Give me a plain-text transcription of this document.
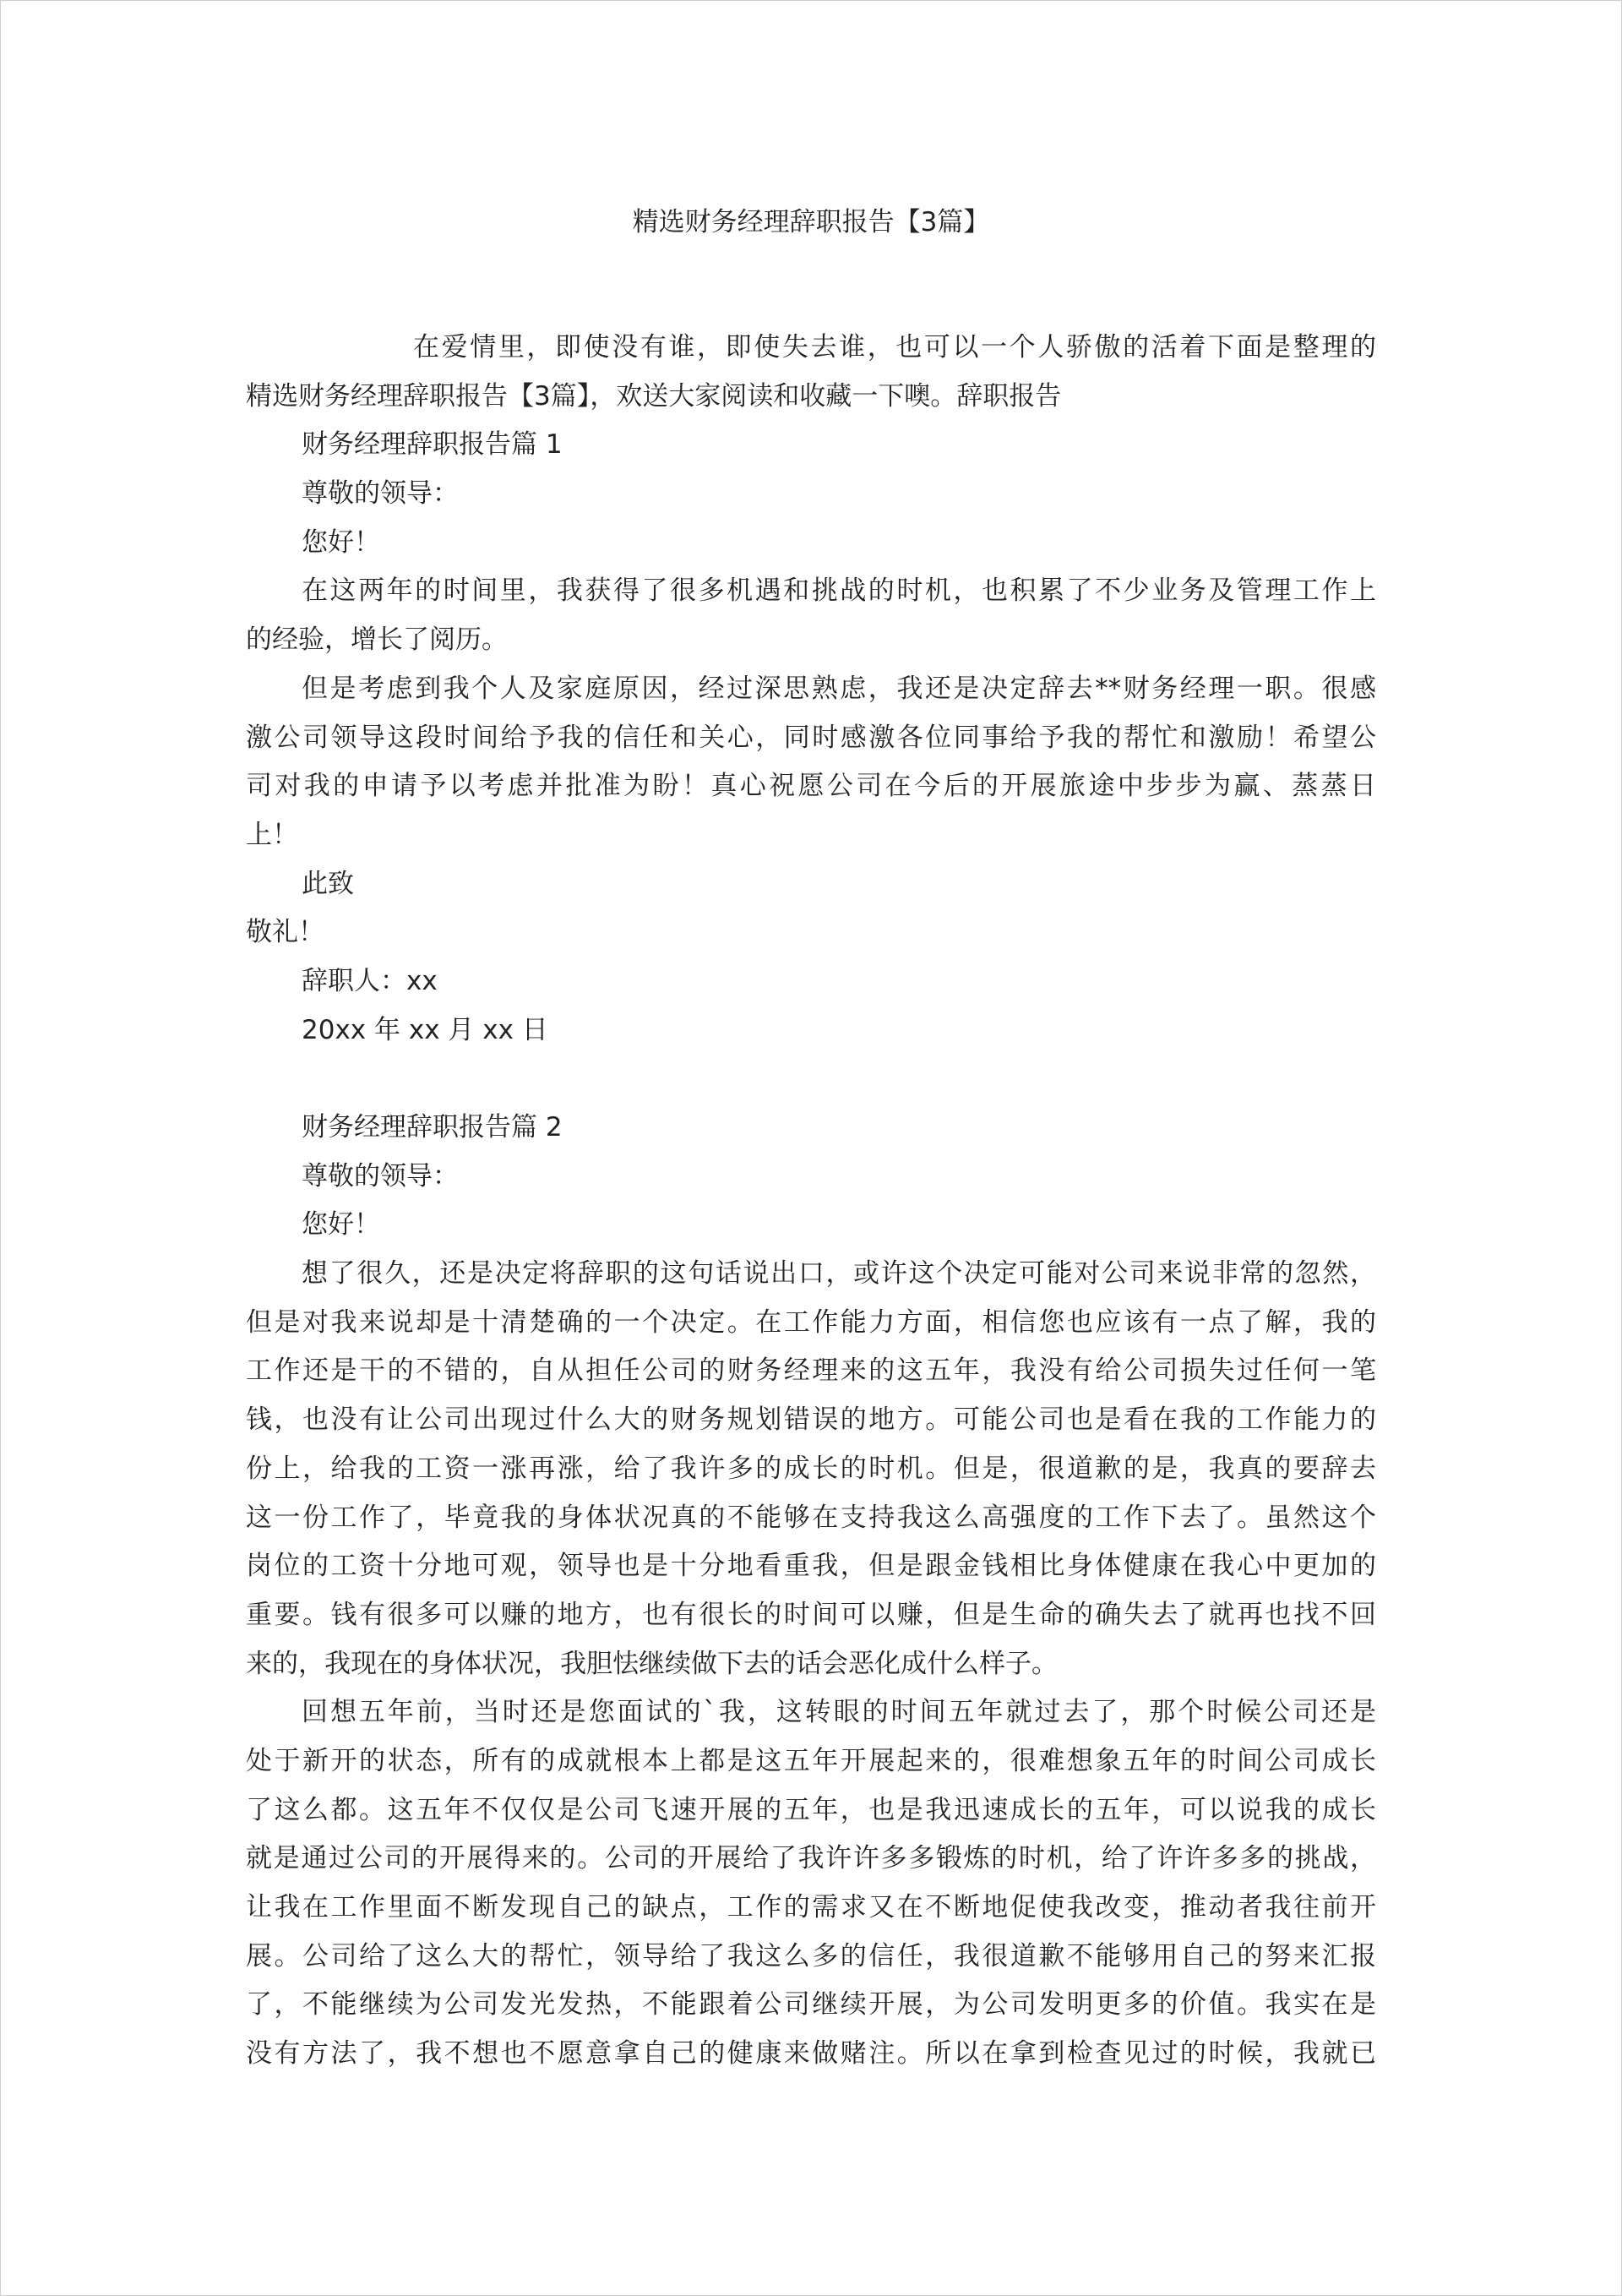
精选财务经理辞职报告【3篇】
在爱情里，即使没有谁，即使失去谁，也可以一个人骄傲的活着下面是整理的
精选财务经理辞职报告【3篇】，欢送大家阅读和收藏一下噢。辞职报告
财务经理辞职报告篇 1
尊敬的领导：
您好！
在这两年的时间里，我获得了很多机遇和挑战的时机，也积累了不少业务及管理工作上
的经验，增长了阅历。
但是考虑到我个人及家庭原因，经过深思熟虑，我还是决定辞去**财务经理一职。很感
激公司领导这段时间给予我的信任和关心，同时感激各位同事给予我的帮忙和激励！希望公
司对我的申请予以考虑并批准为盼！真心祝愿公司在今后的开展旅途中步步为赢、蒸蒸日
上！
此致
敬礼！
辞职人：xx
20xx 年 xx 月 xx 日
财务经理辞职报告篇 2
尊敬的领导：
您好！
想了很久，还是决定将辞职的这句话说出口，或许这个决定可能对公司来说非常的忽然，
但是对我来说却是十清楚确的一个决定。在工作能力方面，相信您也应该有一点了解，我的
工作还是干的不错的，自从担任公司的财务经理来的这五年，我没有给公司损失过任何一笔
钱，也没有让公司出现过什么大的财务规划错误的地方。可能公司也是看在我的工作能力的
份上，给我的工资一涨再涨，给了我许多的成长的时机。但是，很道歉的是，我真的要辞去
这一份工作了，毕竟我的身体状况真的不能够在支持我这么高强度的工作下去了。虽然这个
岗位的工资十分地可观，领导也是十分地看重我，但是跟金钱相比身体健康在我心中更加的
重要。钱有很多可以赚的地方，也有很长的时间可以赚，但是生命的确失去了就再也找不回
来的，我现在的身体状况，我胆怯继续做下去的话会恶化成什么样子。
回想五年前，当时还是您面试的`我，这转眼的时间五年就过去了，那个时候公司还是
处于新开的状态，所有的成就根本上都是这五年开展起来的，很难想象五年的时间公司成长
了这么都。这五年不仅仅是公司飞速开展的五年，也是我迅速成长的五年，可以说我的成长
就是通过公司的开展得来的。公司的开展给了我许许多多锻炼的时机，给了许许多多的挑战，
让我在工作里面不断发现自己的缺点，工作的需求又在不断地促使我改变，推动者我往前开
展。公司给了这么大的帮忙，领导给了我这么多的信任，我很道歉不能够用自己的努来汇报
了，不能继续为公司发光发热，不能跟着公司继续开展，为公司发明更多的价值。我实在是
没有方法了，我不想也不愿意拿自己的健康来做赌注。所以在拿到检查见过的时候，我就已
